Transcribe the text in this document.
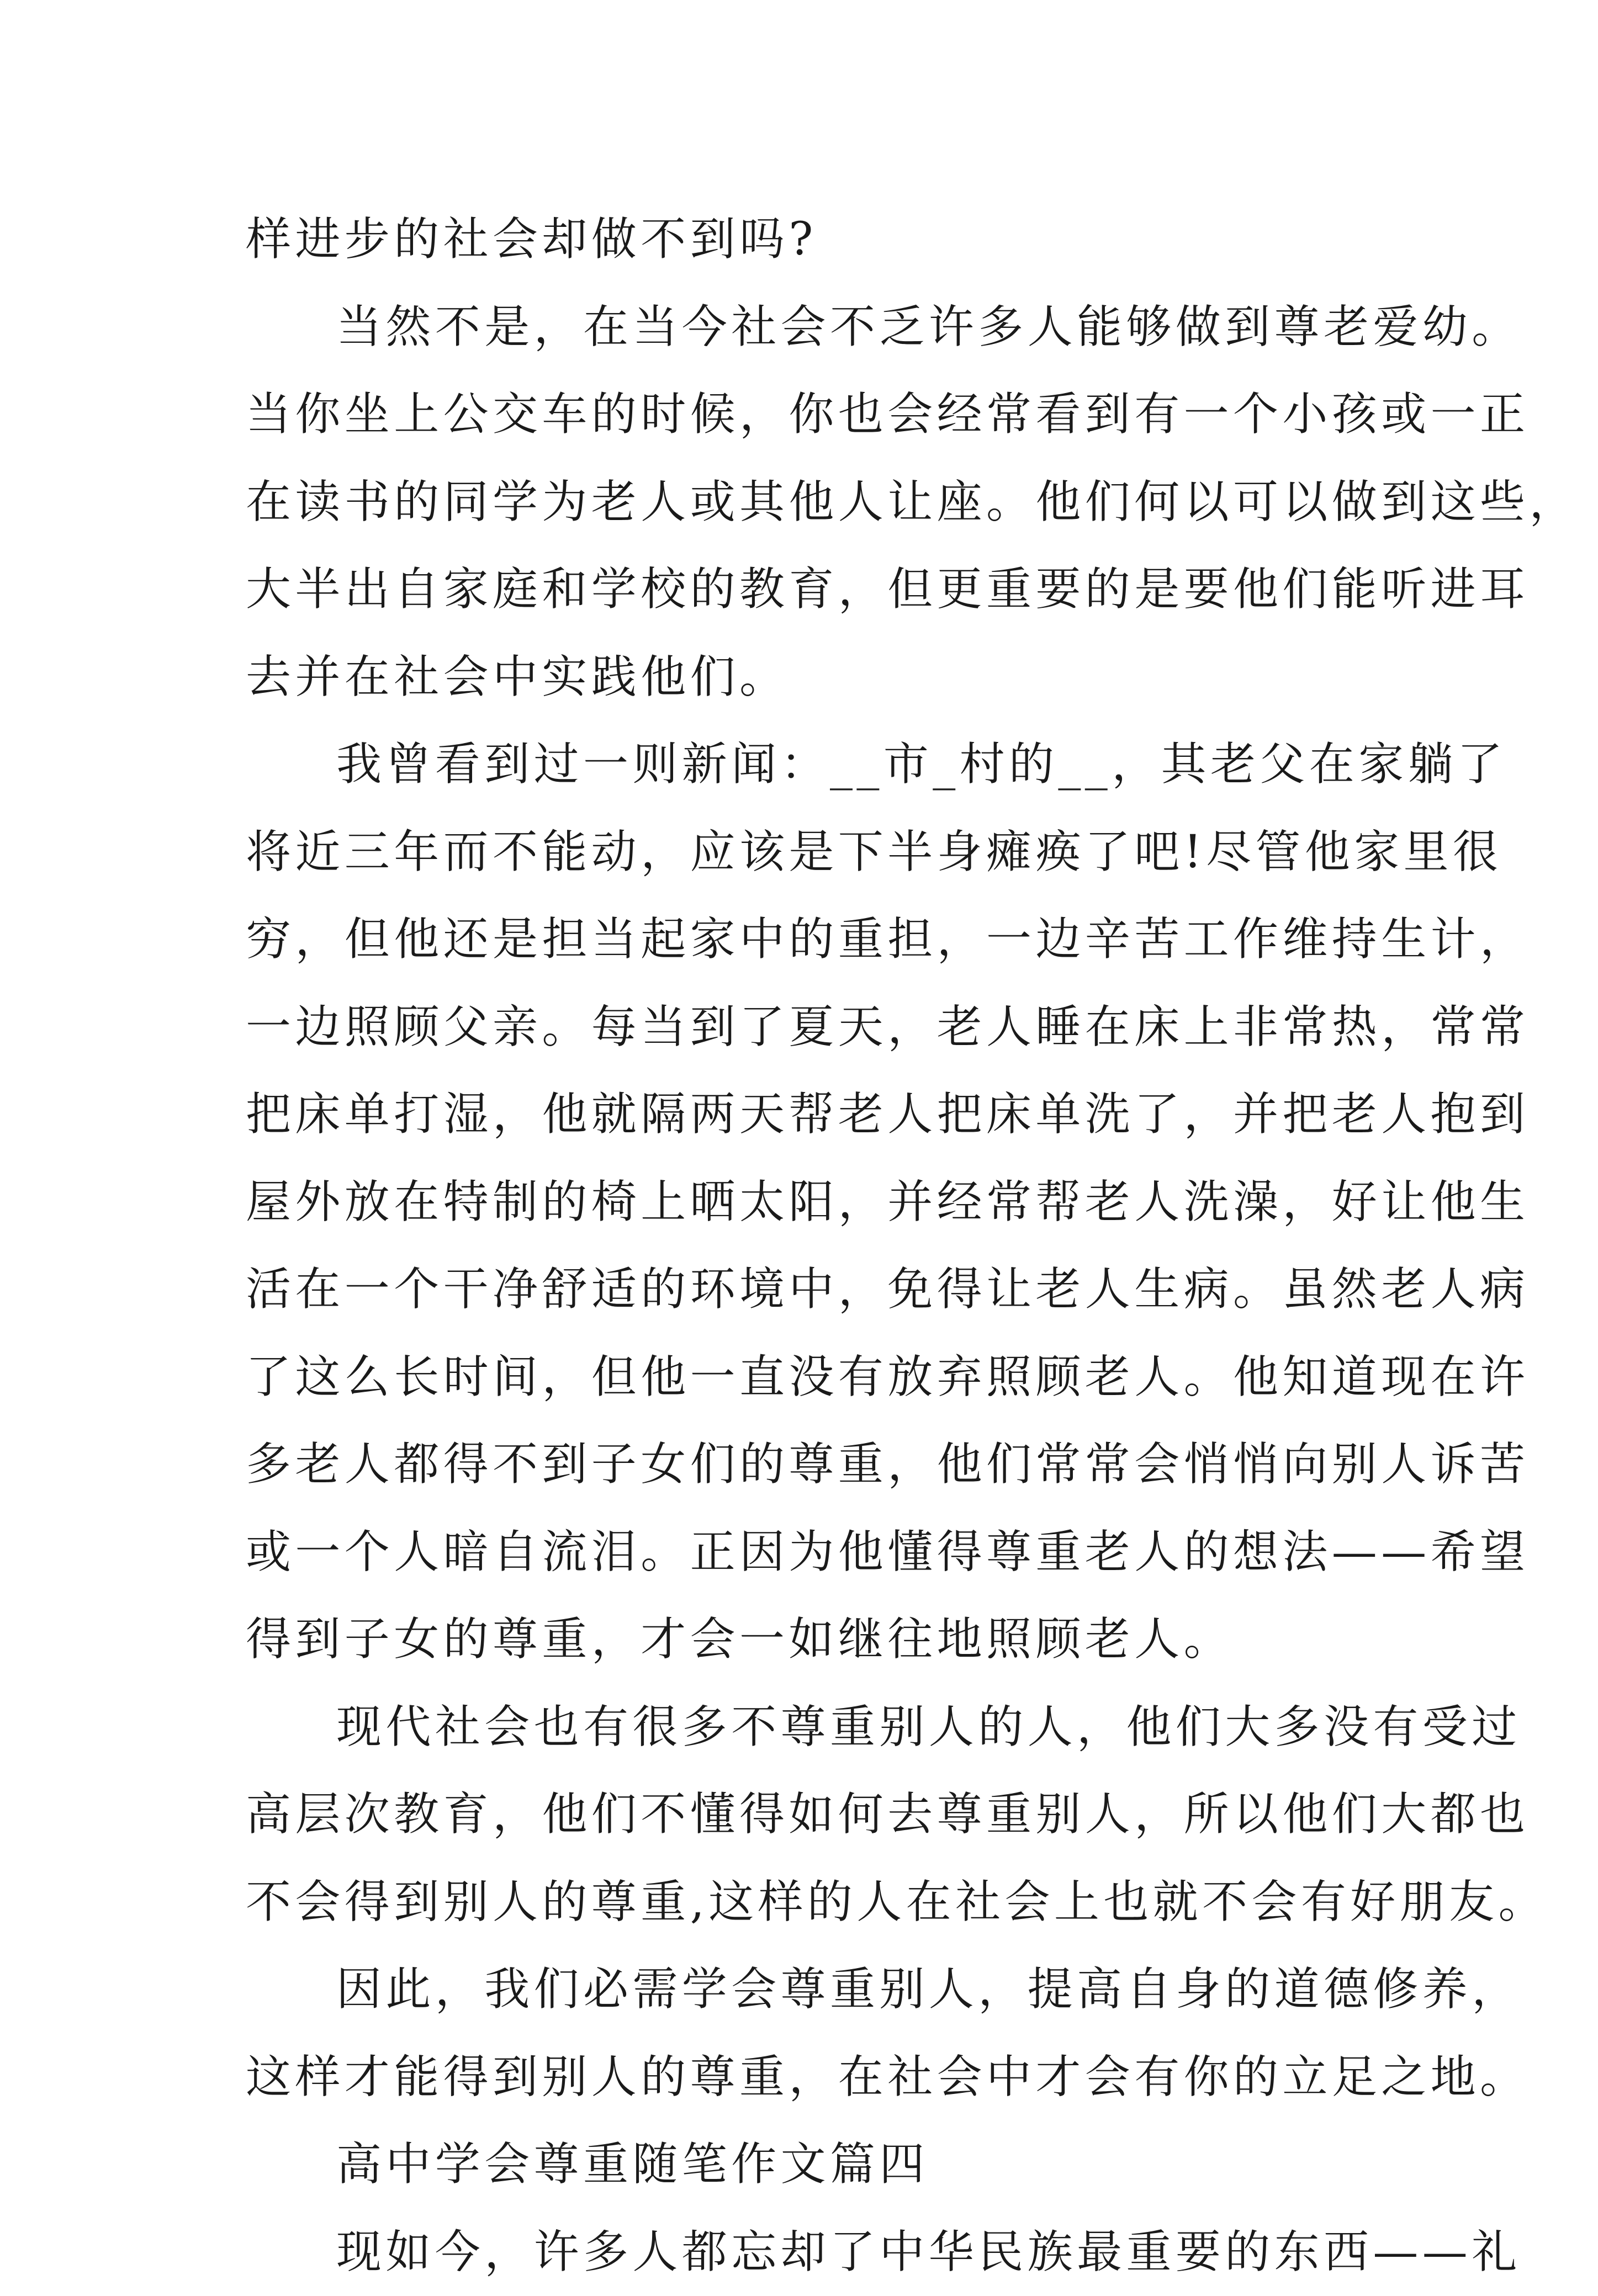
样进步的社会却做不到吗?
当然不是，在当今社会不乏许多人能够做到尊老爱幼。
当你坐上公交车的时候，你也会经常看到有一个小孩或一正
在读书的同学为老人或其他人让座。他们何以可以做到这些，
大半出自家庭和学校的教育，但更重要的是要他们能听进耳
去并在社会中实践他们。
我曾看到过一则新闻：__市_村的__，其老父在家躺了
将近三年而不能动，应该是下半身瘫痪了吧!尽管他家里很
穷，但他还是担当起家中的重担，一边辛苦工作维持生计，
一边照顾父亲。每当到了夏天，老人睡在床上非常热，常常
把床单打湿，他就隔两天帮老人把床单洗了，并把老人抱到
屋外放在特制的椅上晒太阳，并经常帮老人洗澡，好让他生
活在一个干净舒适的环境中，免得让老人生病。虽然老人病
了这么长时间，但他一直没有放弃照顾老人。他知道现在许
多老人都得不到子女们的尊重，他们常常会悄悄向别人诉苦
或一个人暗自流泪。正因为他懂得尊重老人的想法——希望
得到子女的尊重，才会一如继往地照顾老人。
现代社会也有很多不尊重别人的人，他们大多没有受过
高层次教育，他们不懂得如何去尊重别人，所以他们大都也
不会得到别人的尊重,这样的人在社会上也就不会有好朋友。
因此，我们必需学会尊重别人，提高自身的道德修养，
这样才能得到别人的尊重，在社会中才会有你的立足之地。
高中学会尊重随笔作文篇四
现如今，许多人都忘却了中华民族最重要的东西——礼
